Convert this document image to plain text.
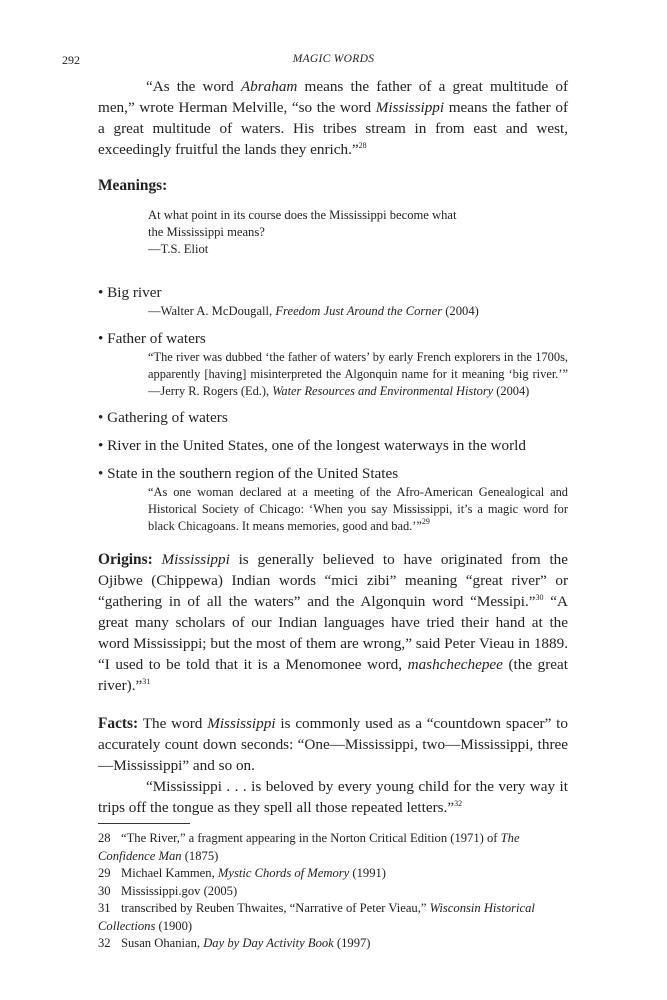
292	MAGIC WORDS

“As the word Abraham means the father of a great multitude of men,” wrote Herman Melville, “so the word Mississippi means the father of a great multitude of waters. His tribes stream in from east and west, exceedingly fruitful the lands they enrich.”$^{28}$

Meanings:

At what point in its course does the Mississippi become what

the Mississippi means?

—T.S. Eliot

• Big river

—Walter A. McDougall, Freedom Just Around the Corner (2004)

• Father of waters

“The river was dubbed ‘the father of waters’ by early French explorers in the 1700s, apparently [having] misinterpreted the Algonquin name for it meaning ‘big river.’” —Jerry R. Rogers (Ed.), Water Resources and Environmental History (2004)

• Gathering of waters

• River in the United States, one of the longest waterways in the world

• State in the southern region of the United States

“As one woman declared at a meeting of the Afro-American Genealogical and Historical Society of Chicago: ‘When you say Mississippi, it’s a magic word for black Chicagoans. It means memories, good and bad.’”$^{29}$

Origins: Mississippi is generally believed to have originated from the Ojibwe (Chippewa) Indian words “mici zibi” meaning “great river” or “gathering in of all the waters” and the Algonquin word “Messipi.”$^{30}$ “A great many scholars of our Indian languages have tried their hand at the word Mississippi; but the most of them are wrong,” said Peter Vieau in 1889. “I used to be told that it is a Menomonee word, mashchechepee (the great river).”$^{31}$

Facts: The word Mississippi is commonly used as a “countdown spacer” to accurately count down seconds: “One—Mississippi, two—Mississippi, three—Mississippi” and so on.

“Mississippi . . . is beloved by every young child for the very way it trips off the tongue as they spell all those repeated letters.”$^{32}$

28 “The River,” a fragment appearing in the Norton Critical Edition (1971) of The Confidence Man (1875)

29 Michael Kammen, Mystic Chords of Memory (1991)

30 Mississippi.gov (2005)

31 transcribed by Reuben Thwaites, “Narrative of Peter Vieau,” Wisconsin Historical Collections (1900)

32 Susan Ohanian, Day by Day Activity Book (1997)
